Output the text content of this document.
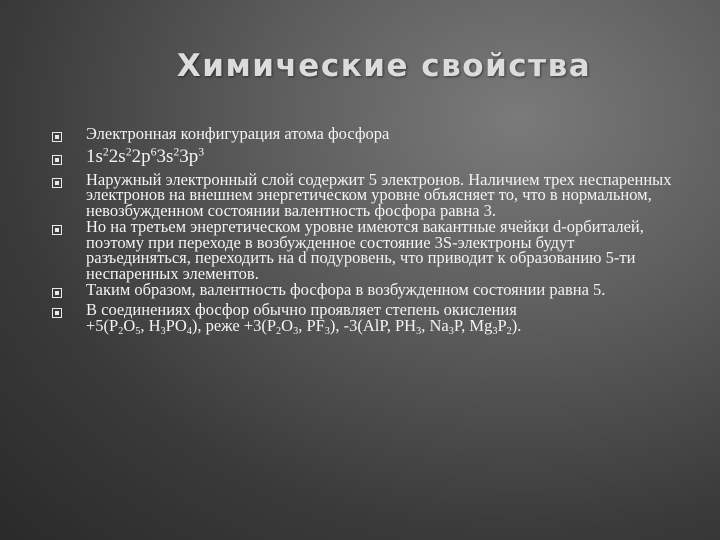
Химические свойства
Электронная конфигурация атома фосфора
$1s^22s^22p^63s^23p^3$
Наружный электронный слой содержит 5 электронов. Наличием трех неспаренных электронов на внешнем энергетическом уровне объясняет то, что в нормальном, невозбужденном состоянии валентность фосфора равна 3.
Но на третьем энергетическом уровне имеются вакантные ячейки d-орбиталей, поэтому при переходе в возбужденное состояние 3S-электроны будут разъединяться, переходить на d подуровень, что приводит к образованию 5-ти неспаренных элементов.
Таким образом, валентность фосфора в возбужденном состоянии равна 5.
В соединениях фосфор обычно проявляет степень окисления
$+5(P_2O_5$, $H_3PO_4$), реже $+3(P_2O_3$, $PF_3$), -3(AlP, $PH_3$, $Na_3P$, $Mg_3P_2$).
